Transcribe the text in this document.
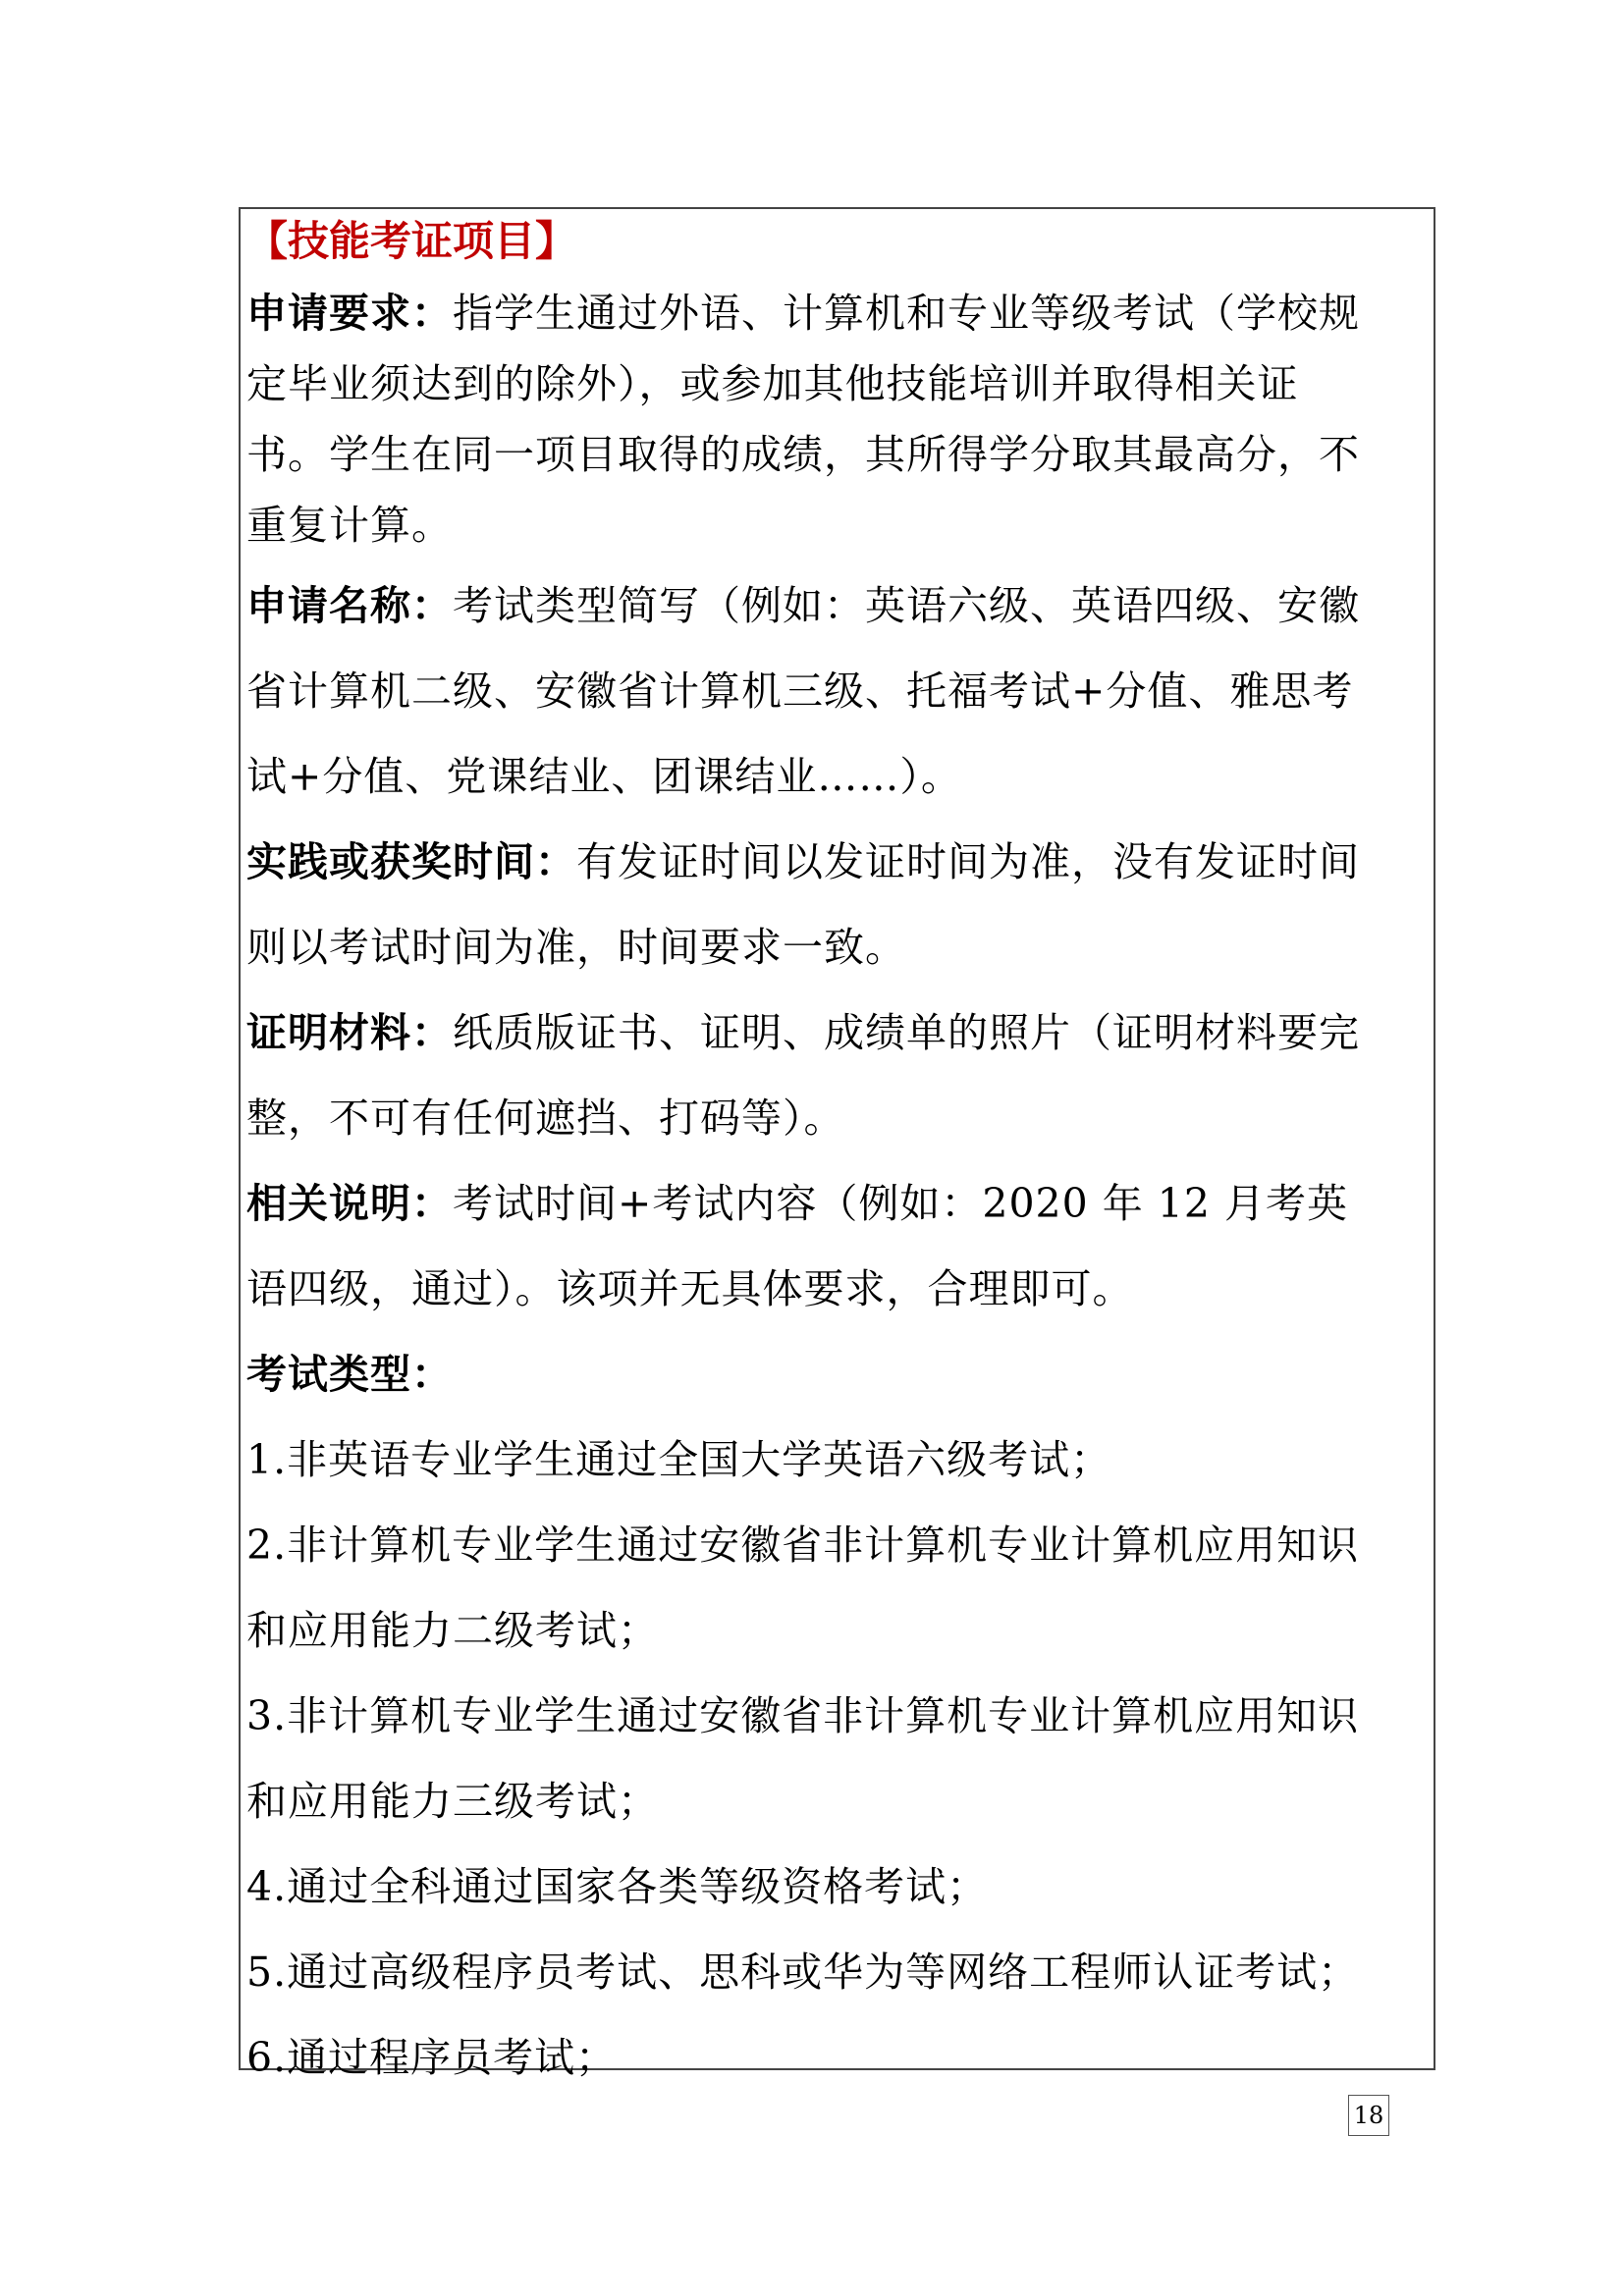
【技能考证项目】
申请要求：指学生通过外语、计算机和专业等级考试（学校规定毕业须达到的除外），或参加其他技能培训并取得相关证书。学生在同一项目取得的成绩，其所得学分取其最高分，不重复计算。
申请名称：考试类型简写（例如：英语六级、英语四级、安徽省计算机二级、安徽省计算机三级、托福考试+分值、雅思考试+分值、党课结业、团课结业……）。
实践或获奖时间：有发证时间以发证时间为准，没有发证时间则以考试时间为准，时间要求一致。
证明材料：纸质版证书、证明、成绩单的照片（证明材料要完整，不可有任何遮挡、打码等）。
相关说明：考试时间+考试内容（例如：2020 年 12 月考英语四级，通过）。该项并无具体要求，合理即可。
考试类型：
1.非英语专业学生通过全国大学英语六级考试；
2.非计算机专业学生通过安徽省非计算机专业计算机应用知识和应用能力二级考试；
3.非计算机专业学生通过安徽省非计算机专业计算机应用知识和应用能力三级考试；
4.通过全科通过国家各类等级资格考试；
5.通过高级程序员考试、思科或华为等网络工程师认证考试；
6.通过程序员考试；
18
